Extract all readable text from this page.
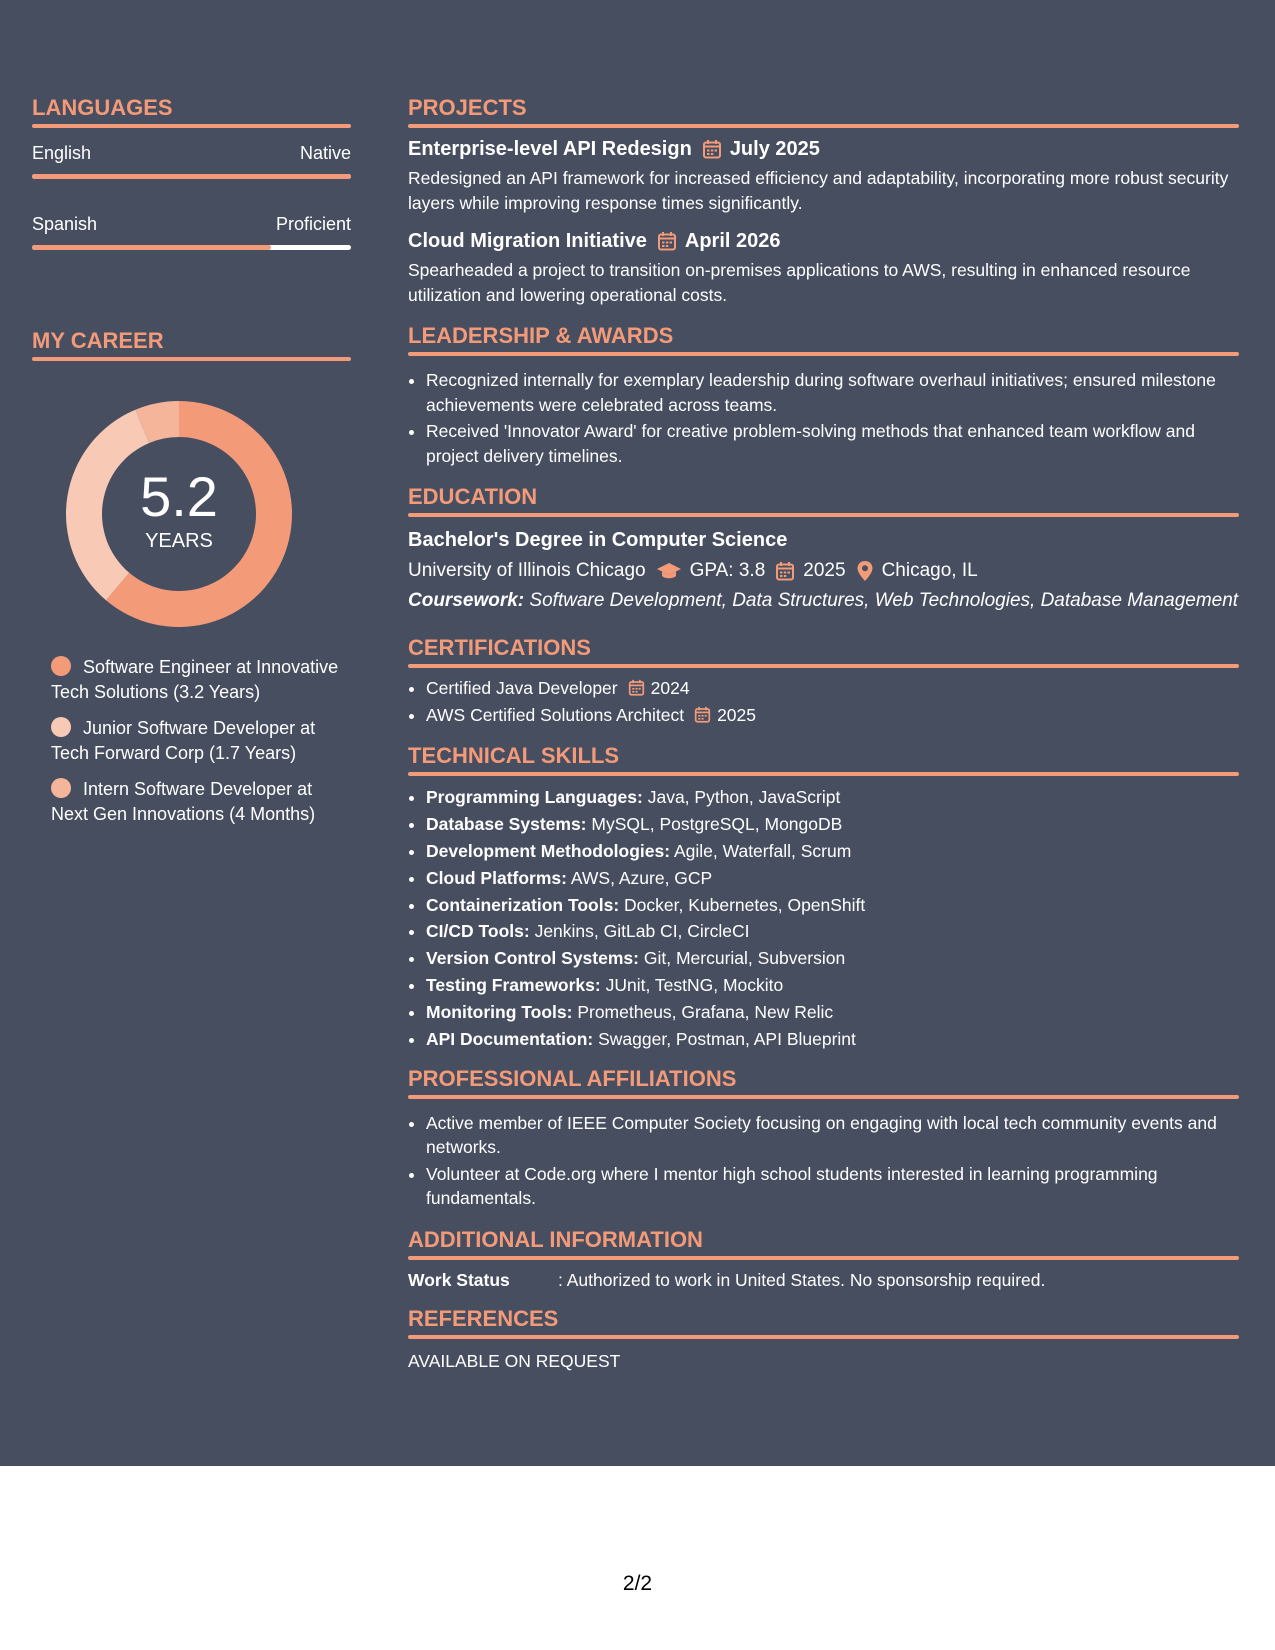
LANGUAGES
English	Native
Spanish	Proficient
MY CAREER
5.2
YEARS
Software Engineer at Innovative Tech Solutions (3.2 Years)
Junior Software Developer at Tech Forward Corp (1.7 Years)
Intern Software Developer at Next Gen Innovations (4 Months)
PROJECTS
Enterprise-level API Redesign July 2025
Redesigned an API framework for increased efficiency and adaptability, incorporating more robust security layers while improving response times significantly.
Cloud Migration Initiative April 2026
Spearheaded a project to transition on-premises applications to AWS, resulting in enhanced resource utilization and lowering operational costs.
LEADERSHIP & AWARDS
• Recognized internally for exemplary leadership during software overhaul initiatives; ensured milestone achievements were celebrated across teams.
• Received 'Innovator Award' for creative problem-solving methods that enhanced team workflow and project delivery timelines.
EDUCATION
Bachelor's Degree in Computer Science
University of Illinois Chicago GPA: 3.8 2025 Chicago, IL
Coursework: Software Development, Data Structures, Web Technologies, Database Management
CERTIFICATIONS
• Certified Java Developer 2024
• AWS Certified Solutions Architect 2025
TECHNICAL SKILLS
• Programming Languages: Java, Python, JavaScript
• Database Systems: MySQL, PostgreSQL, MongoDB
• Development Methodologies: Agile, Waterfall, Scrum
• Cloud Platforms: AWS, Azure, GCP
• Containerization Tools: Docker, Kubernetes, OpenShift
• CI/CD Tools: Jenkins, GitLab CI, CircleCI
• Version Control Systems: Git, Mercurial, Subversion
• Testing Frameworks: JUnit, TestNG, Mockito
• Monitoring Tools: Prometheus, Grafana, New Relic
• API Documentation: Swagger, Postman, API Blueprint
PROFESSIONAL AFFILIATIONS
• Active member of IEEE Computer Society focusing on engaging with local tech community events and networks.
• Volunteer at Code.org where I mentor high school students interested in learning programming fundamentals.
ADDITIONAL INFORMATION
Work Status	: Authorized to work in United States. No sponsorship required.
REFERENCES
AVAILABLE ON REQUEST
2/2
